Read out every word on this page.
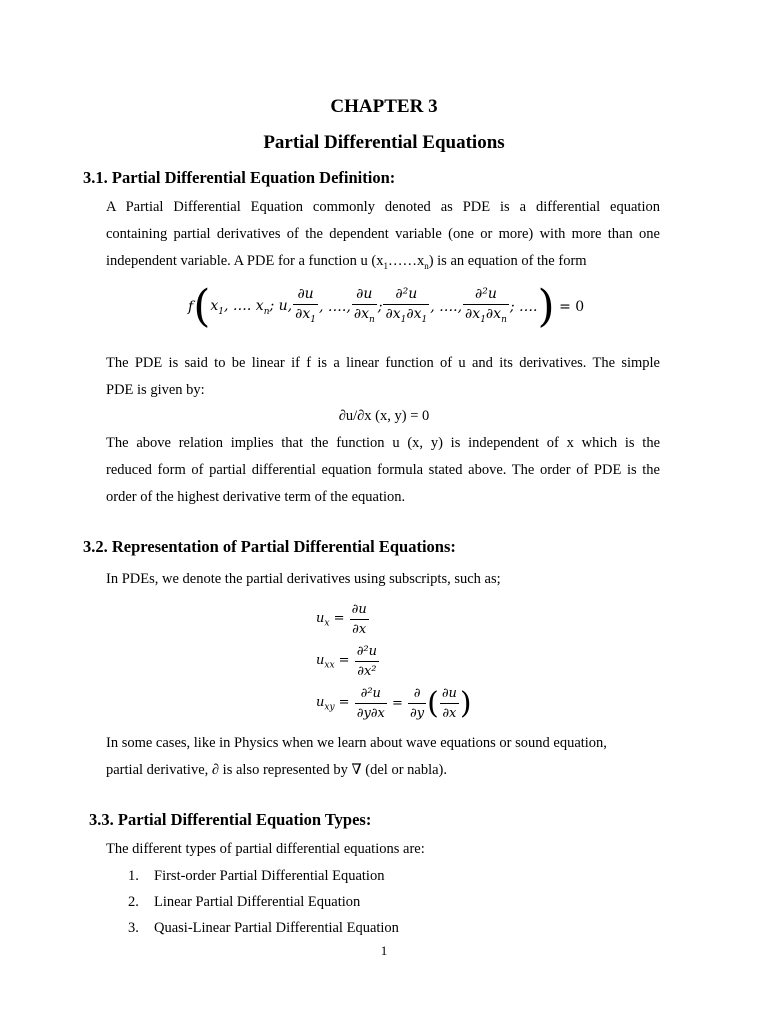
CHAPTER 3
Partial Differential Equations
3.1. Partial Differential Equation Definition:
A Partial Differential Equation commonly denoted as PDE is a differential equation
containing partial derivatives of the dependent variable (one or more) with more than one
independent variable. A PDE for a function u $(x_1\dots\dots x_n)$ is an equation of the form
f ( $x_1$, …. $x_n$; u, $\frac{\partial u}{\partial x_1}$ , …., $\frac{\partial u}{\partial x_n}$ ; $\frac{\text{∂²u}}{\partial x_1\partial x_1}$ , …., $\frac{\text{∂²u}}{\partial x_1\partial x_n}$ ; …. ) = 0
The PDE is said to be linear if f is a linear function of u and its derivatives. The simple
PDE is given by:
∂u/∂x (x, y) = 0
The above relation implies that the function u (x, y) is independent of x which is the
reduced form of partial differential equation formula stated above. The order of PDE is the
order of the highest derivative term of the equation.
3.2. Representation of Partial Differential Equations:
In PDEs, we denote the partial derivatives using subscripts, such as;
$u_x = \frac{\partial u}{\partial x}$
$u_{xx} = \frac{\text{∂²u}}{\text{∂x²}}$
$u_{xy} = \frac{\text{∂²u}}{\partial y\partial x} = \frac{\partial}{\partial y}$ ( $\frac{\partial u}{\partial x}$ )
In some cases, like in Physics when we learn about wave equations or sound equation,
partial derivative, ∂ is also represented by ∇ (del or nabla).
3.3. Partial Differential Equation Types:
The different types of partial differential equations are:
1. First-order Partial Differential Equation
2. Linear Partial Differential Equation
3. Quasi-Linear Partial Differential Equation
1
